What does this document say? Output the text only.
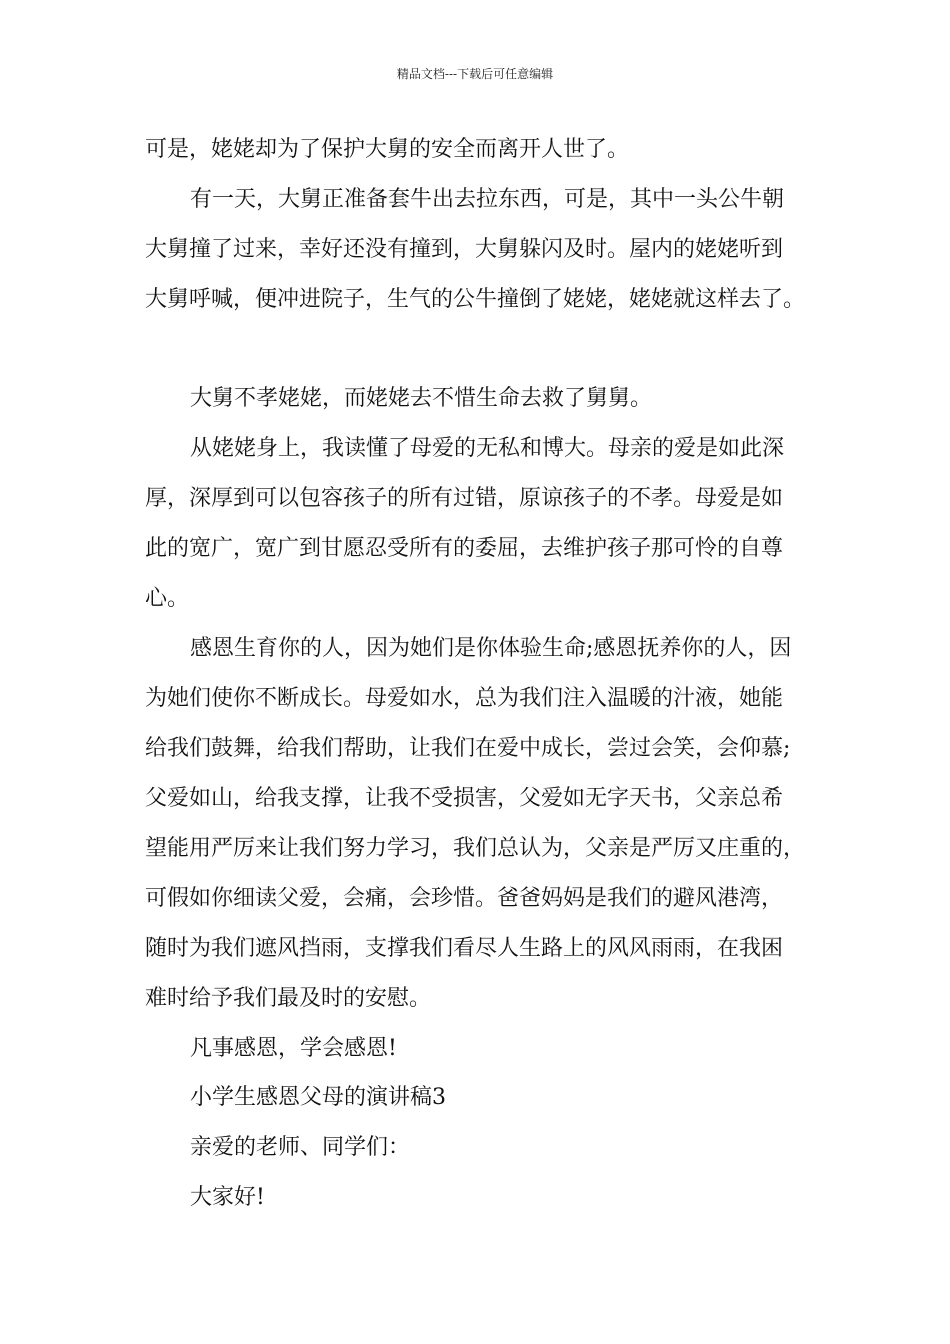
精品文档---下载后可任意编辑
可是，姥姥却为了保护大舅的安全而离开人世了。
有一天，大舅正准备套牛出去拉东西，可是，其中一头公牛朝
大舅撞了过来，幸好还没有撞到，大舅躲闪及时。屋内的姥姥听到
大舅呼喊，便冲进院子，生气的公牛撞倒了姥姥，姥姥就这样去了。
大舅不孝姥姥，而姥姥去不惜生命去救了舅舅。
从姥姥身上，我读懂了母爱的无私和博大。母亲的爱是如此深
厚，深厚到可以包容孩子的所有过错，原谅孩子的不孝。母爱是如
此的宽广，宽广到甘愿忍受所有的委屈，去维护孩子那可怜的自尊
心。
感恩生育你的人，因为她们是你体验生命;感恩抚养你的人，因
为她们使你不断成长。母爱如水，总为我们注入温暖的汁液，她能
给我们鼓舞，给我们帮助，让我们在爱中成长，尝过会笑，会仰慕;
父爱如山，给我支撑，让我不受损害，父爱如无字天书，父亲总希
望能用严厉来让我们努力学习，我们总认为，父亲是严厉又庄重的，
可假如你细读父爱，会痛，会珍惜。爸爸妈妈是我们的避风港湾，
随时为我们遮风挡雨，支撑我们看尽人生路上的风风雨雨，在我困
难时给予我们最及时的安慰。
凡事感恩，学会感恩!
小学生感恩父母的演讲稿3
亲爱的老师、同学们：
大家好!
